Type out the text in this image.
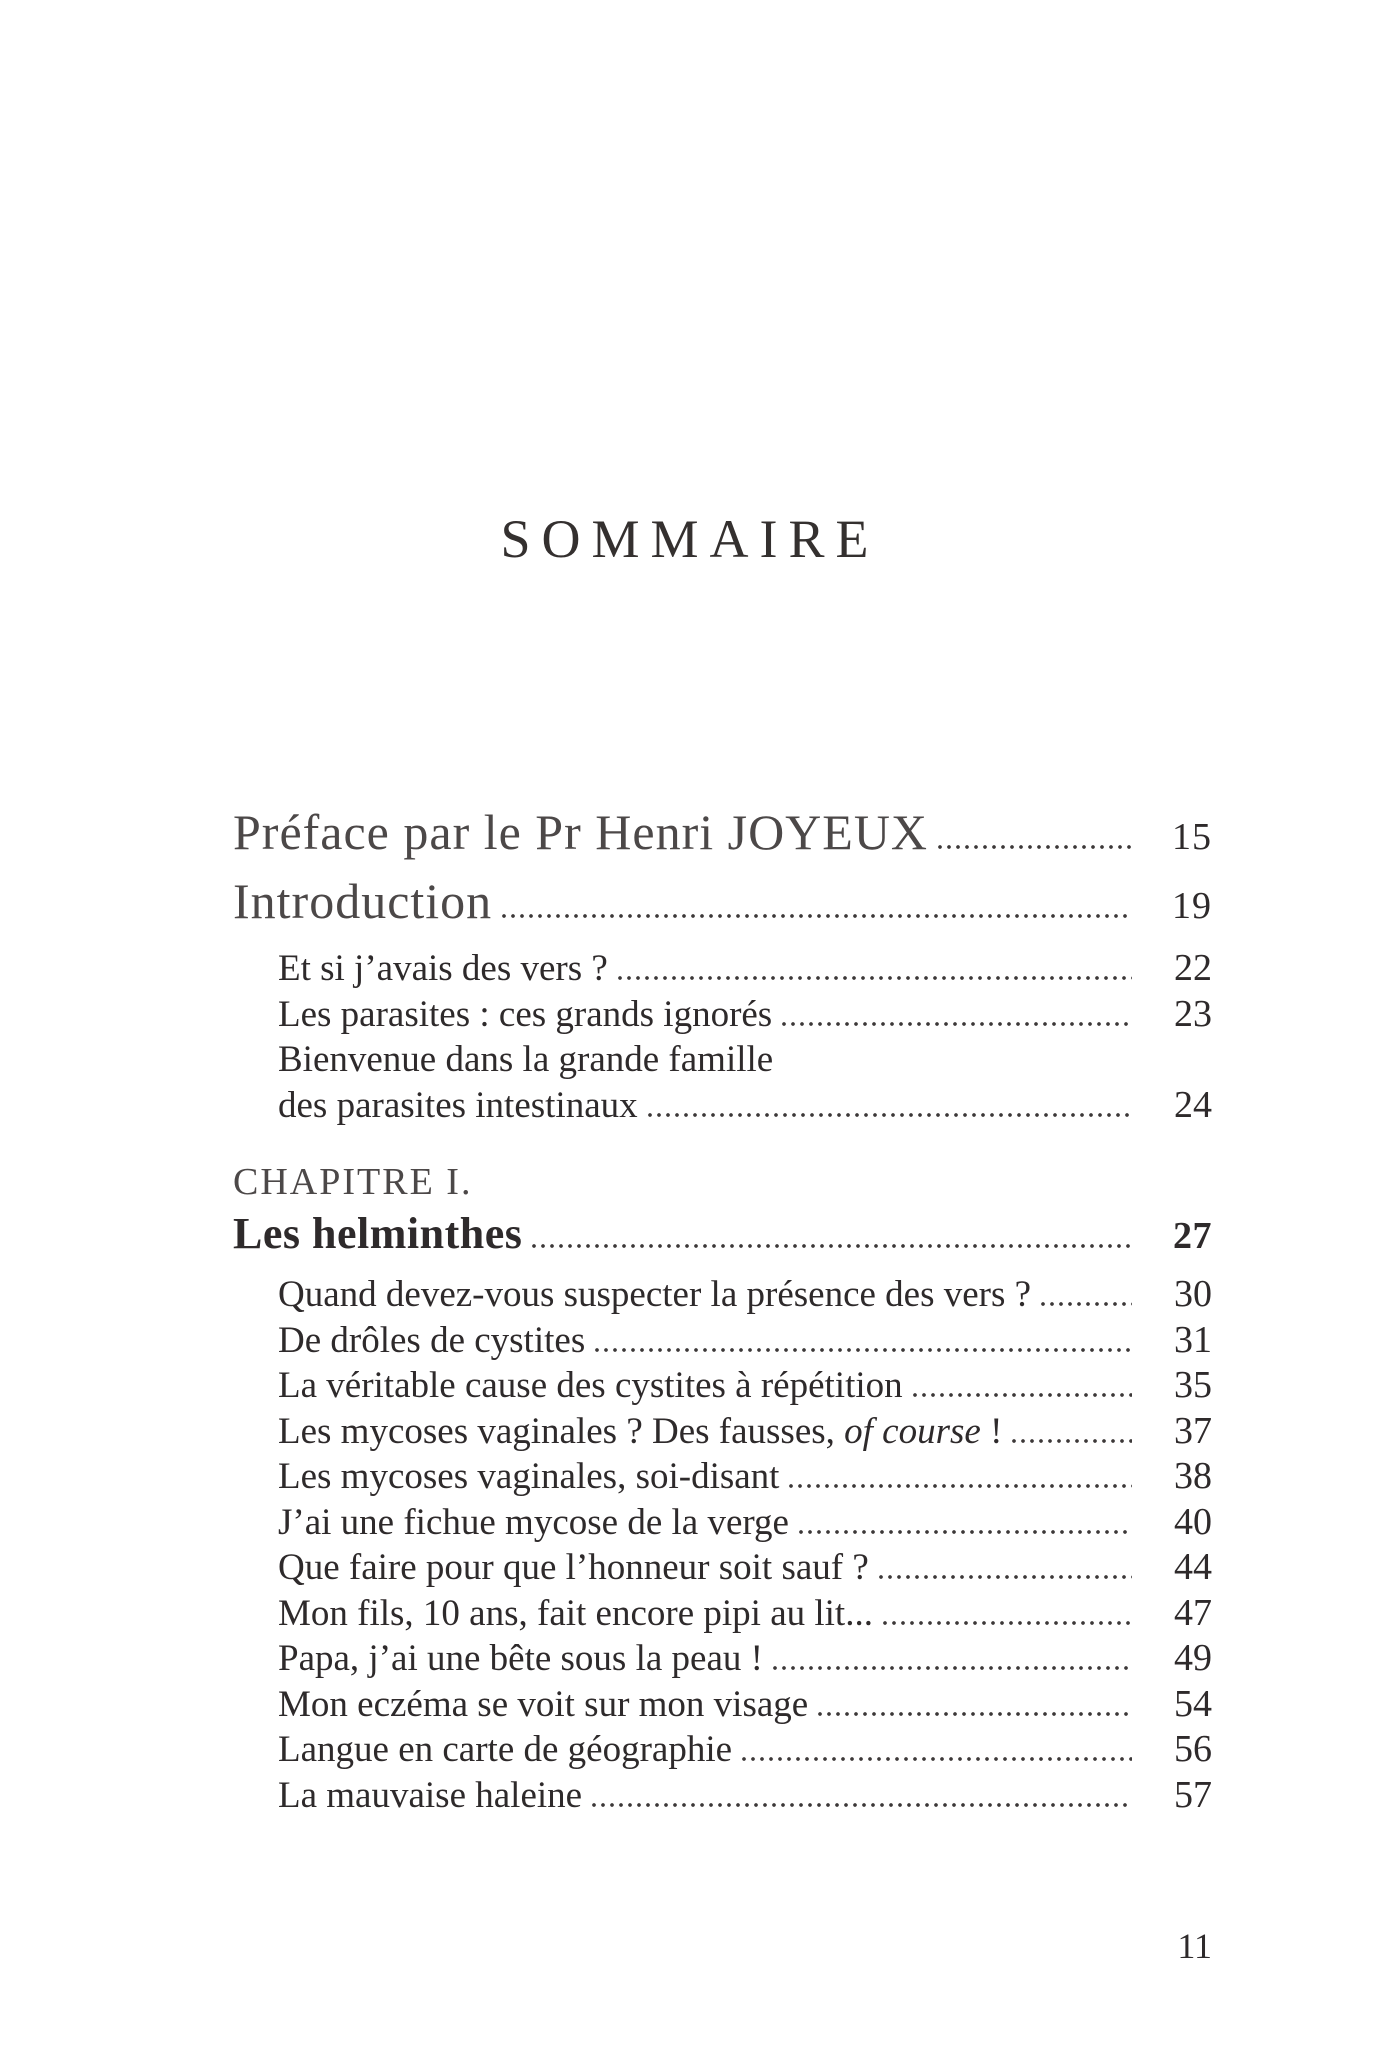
SOMMAIRE
Préface par le Pr Henri JOYEUX	15
Introduction	19
Et si j’avais des vers ?	22
Les parasites : ces grands ignorés	23
Bienvenue dans la grande famille
des parasites intestinaux	24
CHAPITRE I.
Les helminthes	27
Quand devez-vous suspecter la présence des vers ?	30
De drôles de cystites	31
La véritable cause des cystites à répétition	35
Les mycoses vaginales ? Des fausses, of course !	37
Les mycoses vaginales, soi-disant	38
J’ai une fichue mycose de la verge	40
Que faire pour que l’honneur soit sauf ?	44
Mon fils, 10 ans, fait encore pipi au lit...	47
Papa, j’ai une bête sous la peau !	49
Mon eczéma se voit sur mon visage	54
Langue en carte de géographie	56
La mauvaise haleine	57
11
